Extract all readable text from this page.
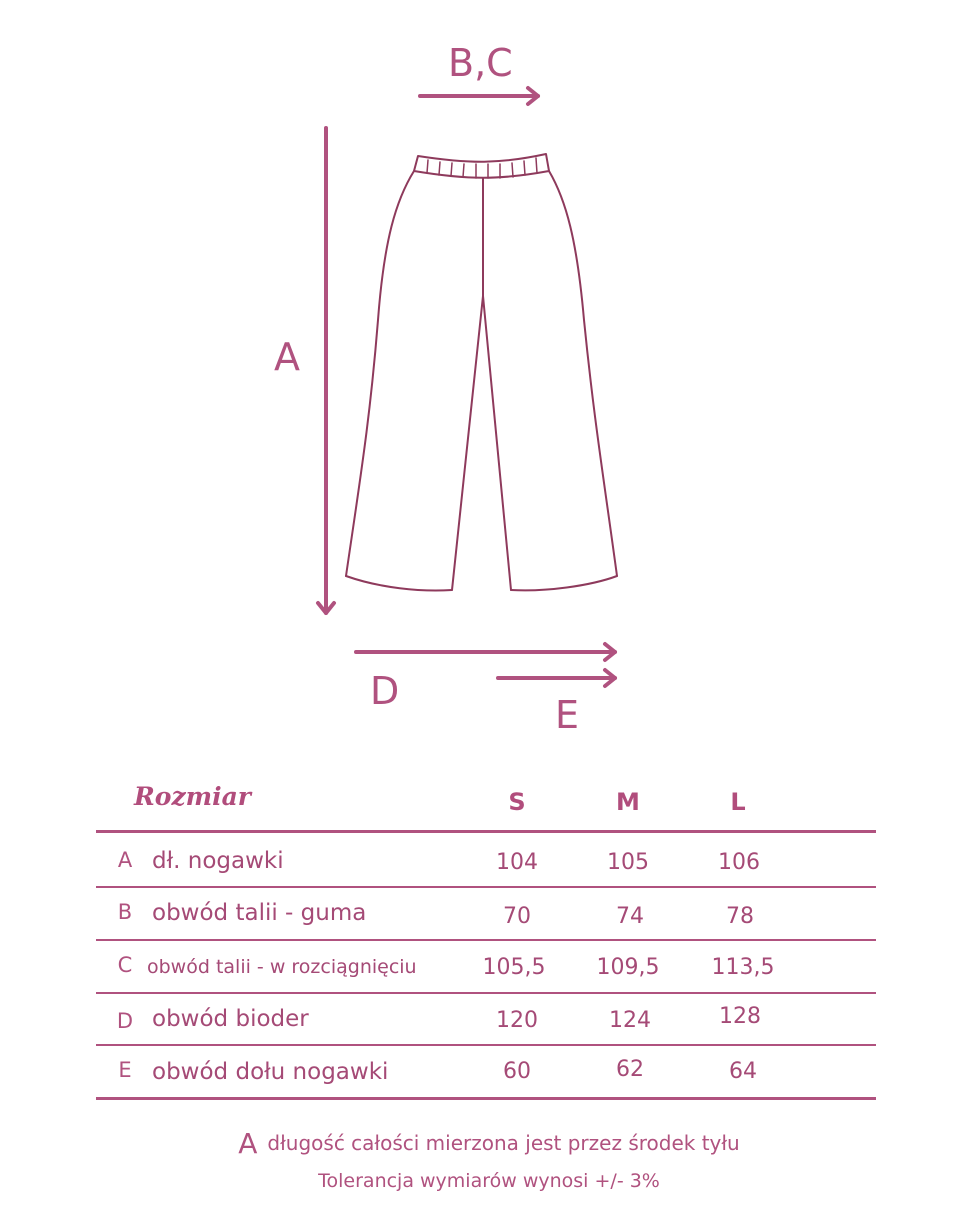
B,C
A
D
E
Rozmiar	S	M	L
A dł. nogawki	104	105	106
B obwód talii - guma	70	74	78
C obwód talii - w rozciągnięciu	105,5	109,5	113,5
D obwód bioder	120	124	128
E obwód dołu nogawki	60	62	64
A długość całości mierzona jest przez środek tyłu
Tolerancja wymiarów wynosi +/- 3%
